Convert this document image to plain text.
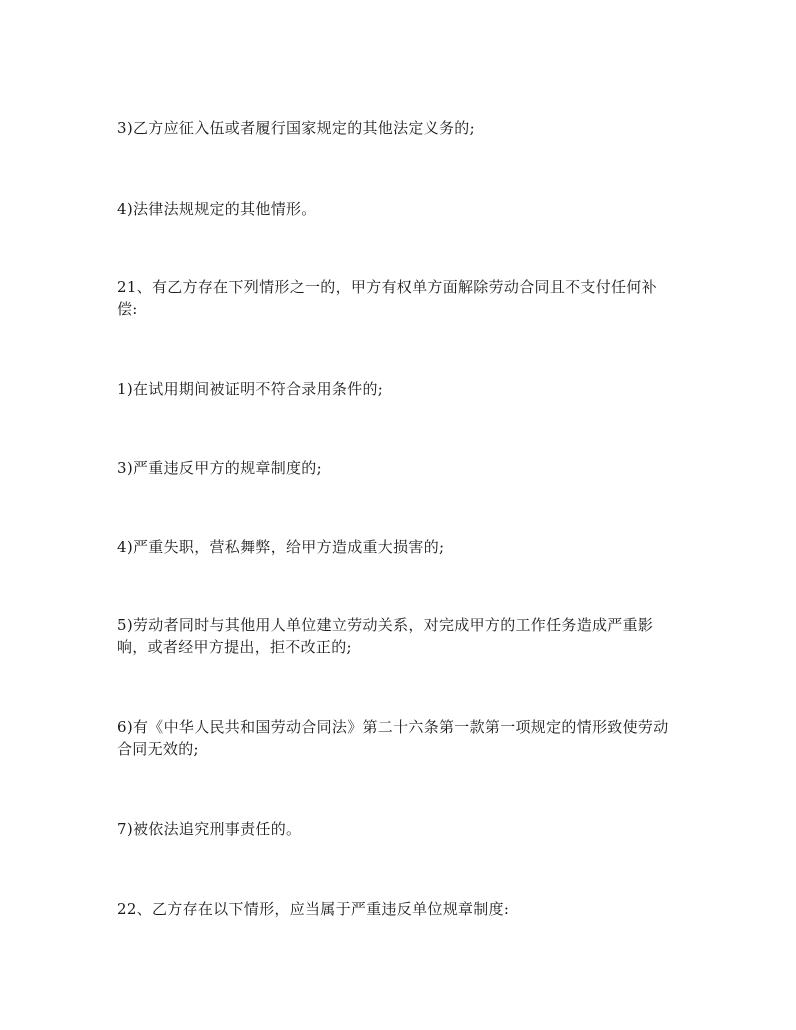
3)乙方应征入伍或者履行国家规定的其他法定义务的;

4)法律法规规定的其他情形。

21、有乙方存在下列情形之一的，甲方有权单方面解除劳动合同且不支付任何补
偿:

1)在试用期间被证明不符合录用条件的;

3)严重违反甲方的规章制度的;

4)严重失职，营私舞弊，给甲方造成重大损害的;

5)劳动者同时与其他用人单位建立劳动关系，对完成甲方的工作任务造成严重影
响，或者经甲方提出，拒不改正的;

6)有《中华人民共和国劳动合同法》第二十六条第一款第一项规定的情形致使劳动
合同无效的;

7)被依法追究刑事责任的。

22、乙方存在以下情形，应当属于严重违反单位规章制度:
